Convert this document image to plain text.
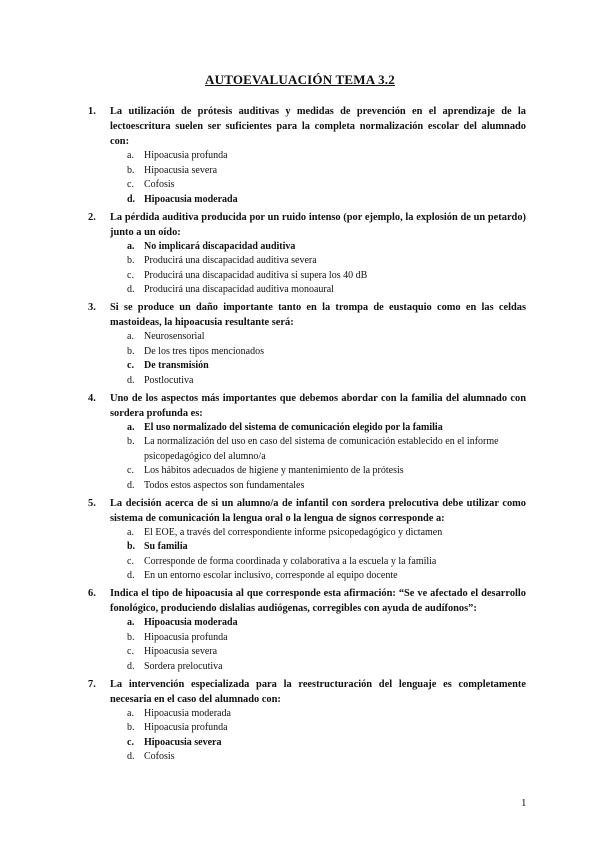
AUTOEVALUACIÓN TEMA 3.2
1.	La utilización de prótesis auditivas y medidas de prevención en el aprendizaje de la lectoescritura suelen ser suficientes para la completa normalización escolar del alumnado con:
a.	Hipoacusia profunda
b. Hipoacusia severa
c.	Cofosis
d. Hipoacusia moderada
2.	La pérdida auditiva producida por un ruido intenso (por ejemplo, la explosión de un petardo) junto a un oído:
a. No implicará discapacidad auditiva
b. Producirá una discapacidad auditiva severa
c.	Producirá una discapacidad auditiva si supera los 40 dB
d. Producirá una discapacidad auditiva monoaural
3.	Si se produce un daño importante tanto en la trompa de eustaquio como en las celdas mastoideas, la hipoacusia resultante será:
a.	Neurosensorial
b. De los tres tipos mencionados
c.	De transmisión
d. Postlocutiva
4.	Uno de los aspectos más importantes que debemos abordar con la familia del alumnado con sordera profunda es:
a. El uso normalizado del sistema de comunicación elegido por la familia
b. La normalización del uso en caso del sistema de comunicación establecido en el informe psicopedagógico del alumno/a
c.	Los hábitos adecuados de higiene y mantenimiento de la prótesis
d. Todos estos aspectos son fundamentales
5.	La decisión acerca de si un alumno/a de infantil con sordera prelocutiva debe utilizar como sistema de comunicación la lengua oral o la lengua de signos corresponde a:
a.	El EOE, a través del correspondiente informe psicopedagógico y dictamen
b. Su familia
c.	Corresponde de forma coordinada y colaborativa a la escuela y la familia
d. En un entorno escolar inclusivo, corresponde al equipo docente
6.	Indica el tipo de hipoacusia al que corresponde esta afirmación: “Se ve afectado el desarrollo fonológico, produciendo dislalias audiógenas, corregibles con ayuda de audífonos”:
a. Hipoacusia moderada
b. Hipoacusia profunda
c.	Hipoacusia severa
d. Sordera prelocutiva
7.	La intervención especializada para la reestructuración del lenguaje es completamente necesaria en el caso del alumnado con:
a.	Hipoacusia moderada
b. Hipoacusia profunda
c.	Hipoacusia severa
d. Cofosis
1
